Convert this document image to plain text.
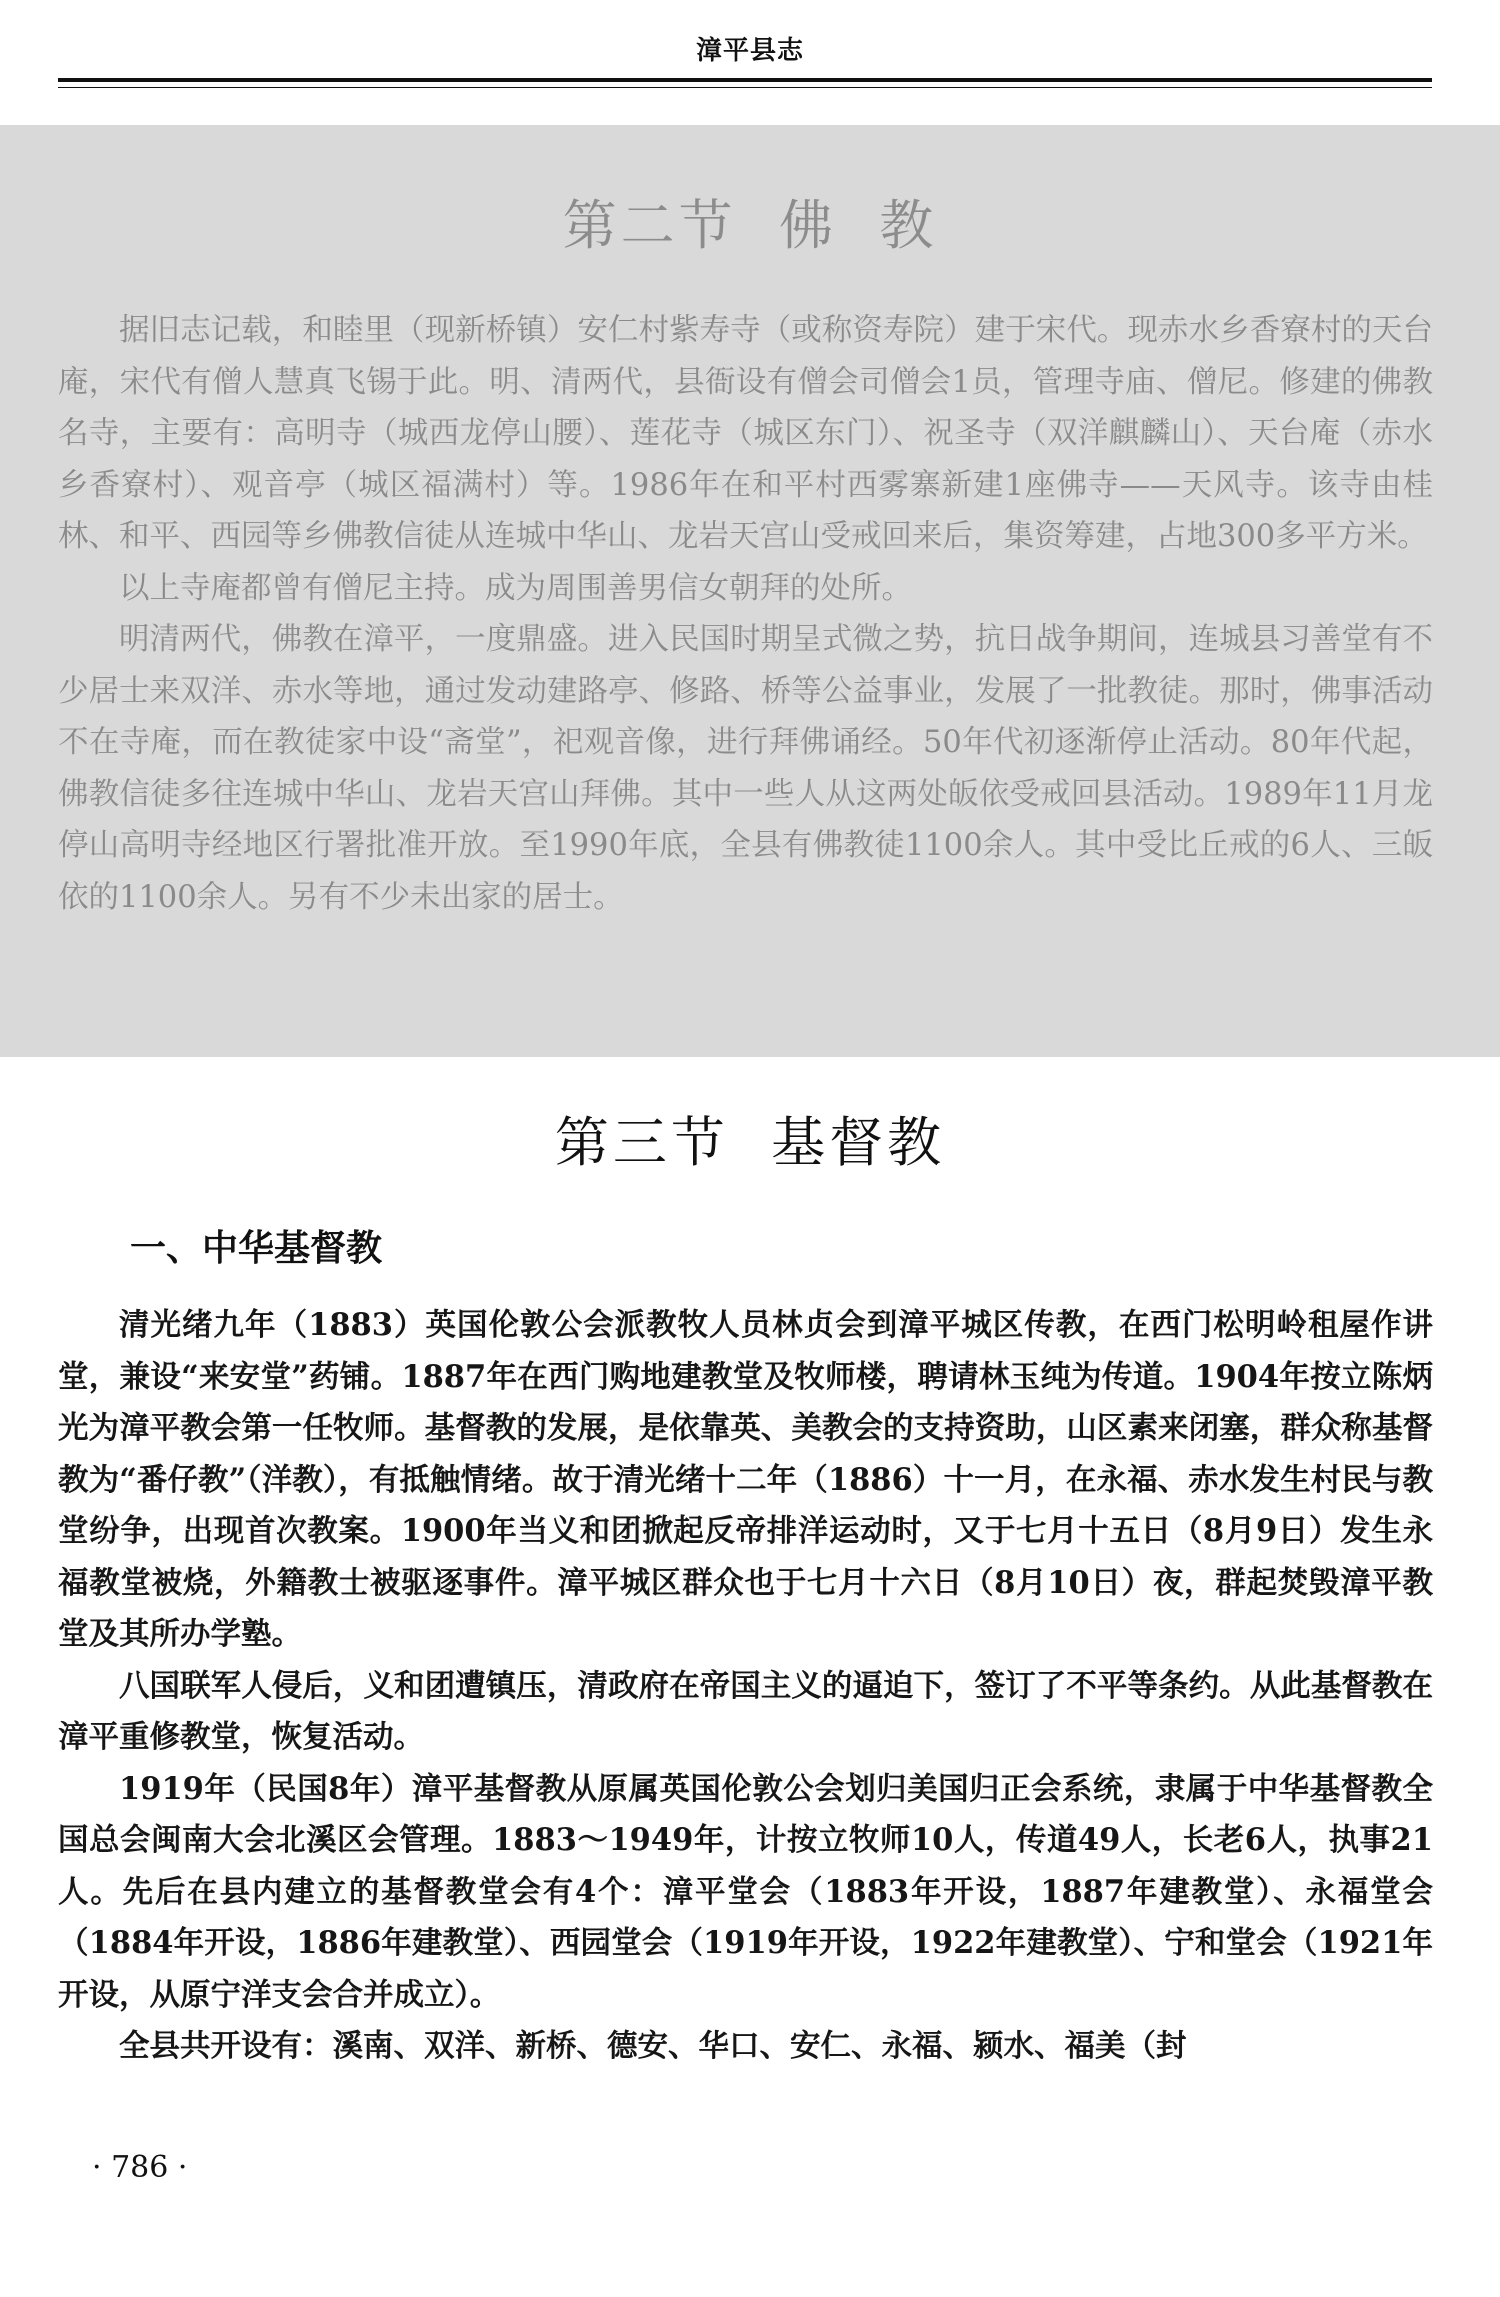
漳平县志
第二节  佛  教

据旧志记载，和睦里（现新桥镇）安仁村紫寿寺（或称资寿院）建于宋代。现赤水乡香寮村的天台庵，宋代有僧人慧真飞锡于此。明、清两代，县衙设有僧会司僧会1员，管理寺庙、僧尼。修建的佛教名寺，主要有：高明寺（城西龙停山腰）、莲花寺（城区东门）、祝圣寺（双洋麒麟山）、天台庵（赤水乡香寮村）、观音亭（城区福满村）等。1986年在和平村西雾寨新建1座佛寺——天风寺。该寺由桂林、和平、西园等乡佛教信徒从连城中华山、龙岩天宫山受戒回来后，集资筹建，占地300多平方米。

以上寺庵都曾有僧尼主持。成为周围善男信女朝拜的处所。

明清两代，佛教在漳平，一度鼎盛。进入民国时期呈式微之势，抗日战争期间，连城县习善堂有不少居士来双洋、赤水等地，通过发动建路亭、修路、桥等公益事业，发展了一批教徒。那时，佛事活动不在寺庵，而在教徒家中设“斋堂”，祀观音像，进行拜佛诵经。50年代初逐渐停止活动。80年代起，佛教信徒多往连城中华山、龙岩天宫山拜佛。其中一些人从这两处皈依受戒回县活动。1989年11月龙停山高明寺经地区行署批准开放。至1990年底，全县有佛教徒1100余人。其中受比丘戒的6人、三皈依的1100余人。另有不少未出家的居士。

第三节  基督教
一、中华基督教

清光绪九年（1883）英国伦敦公会派教牧人员林贞会到漳平城区传教，在西门松明岭租屋作讲堂，兼设“来安堂”药铺。1887年在西门购地建教堂及牧师楼，聘请林玉纯为传道。1904年按立陈炳光为漳平教会第一任牧师。基督教的发展，是依靠英、美教会的支持资助，山区素来闭塞，群众称基督教为“番仔教”（洋教），有抵触情绪。故于清光绪十二年（1886）十一月，在永福、赤水发生村民与教堂纷争，出现首次教案。1900年当义和团掀起反帝排洋运动时，又于七月十五日（8月9日）发生永福教堂被烧，外籍教士被驱逐事件。漳平城区群众也于七月十六日（8月10日）夜，群起焚毁漳平教堂及其所办学塾。

八国联军人侵后，义和团遭镇压，清政府在帝国主义的逼迫下，签订了不平等条约。从此基督教在漳平重修教堂，恢复活动。

1919年（民国8年）漳平基督教从原属英国伦敦公会划归美国归正会系统，隶属于中华基督教全国总会闽南大会北溪区会管理。1883～1949年，计按立牧师10人，传道49人，长老6人，执事21人。先后在县内建立的基督教堂会有4个：漳平堂会（1883年开设，1887年建教堂）、永福堂会（1884年开设，1886年建教堂）、西园堂会（1919年开设，1922年建教堂）、宁和堂会（1921年开设，从原宁洋支会合并成立）。

全县共开设有：溪南、双洋、新桥、德安、华口、安仁、永福、颍水、福美（封

· 786 ·
